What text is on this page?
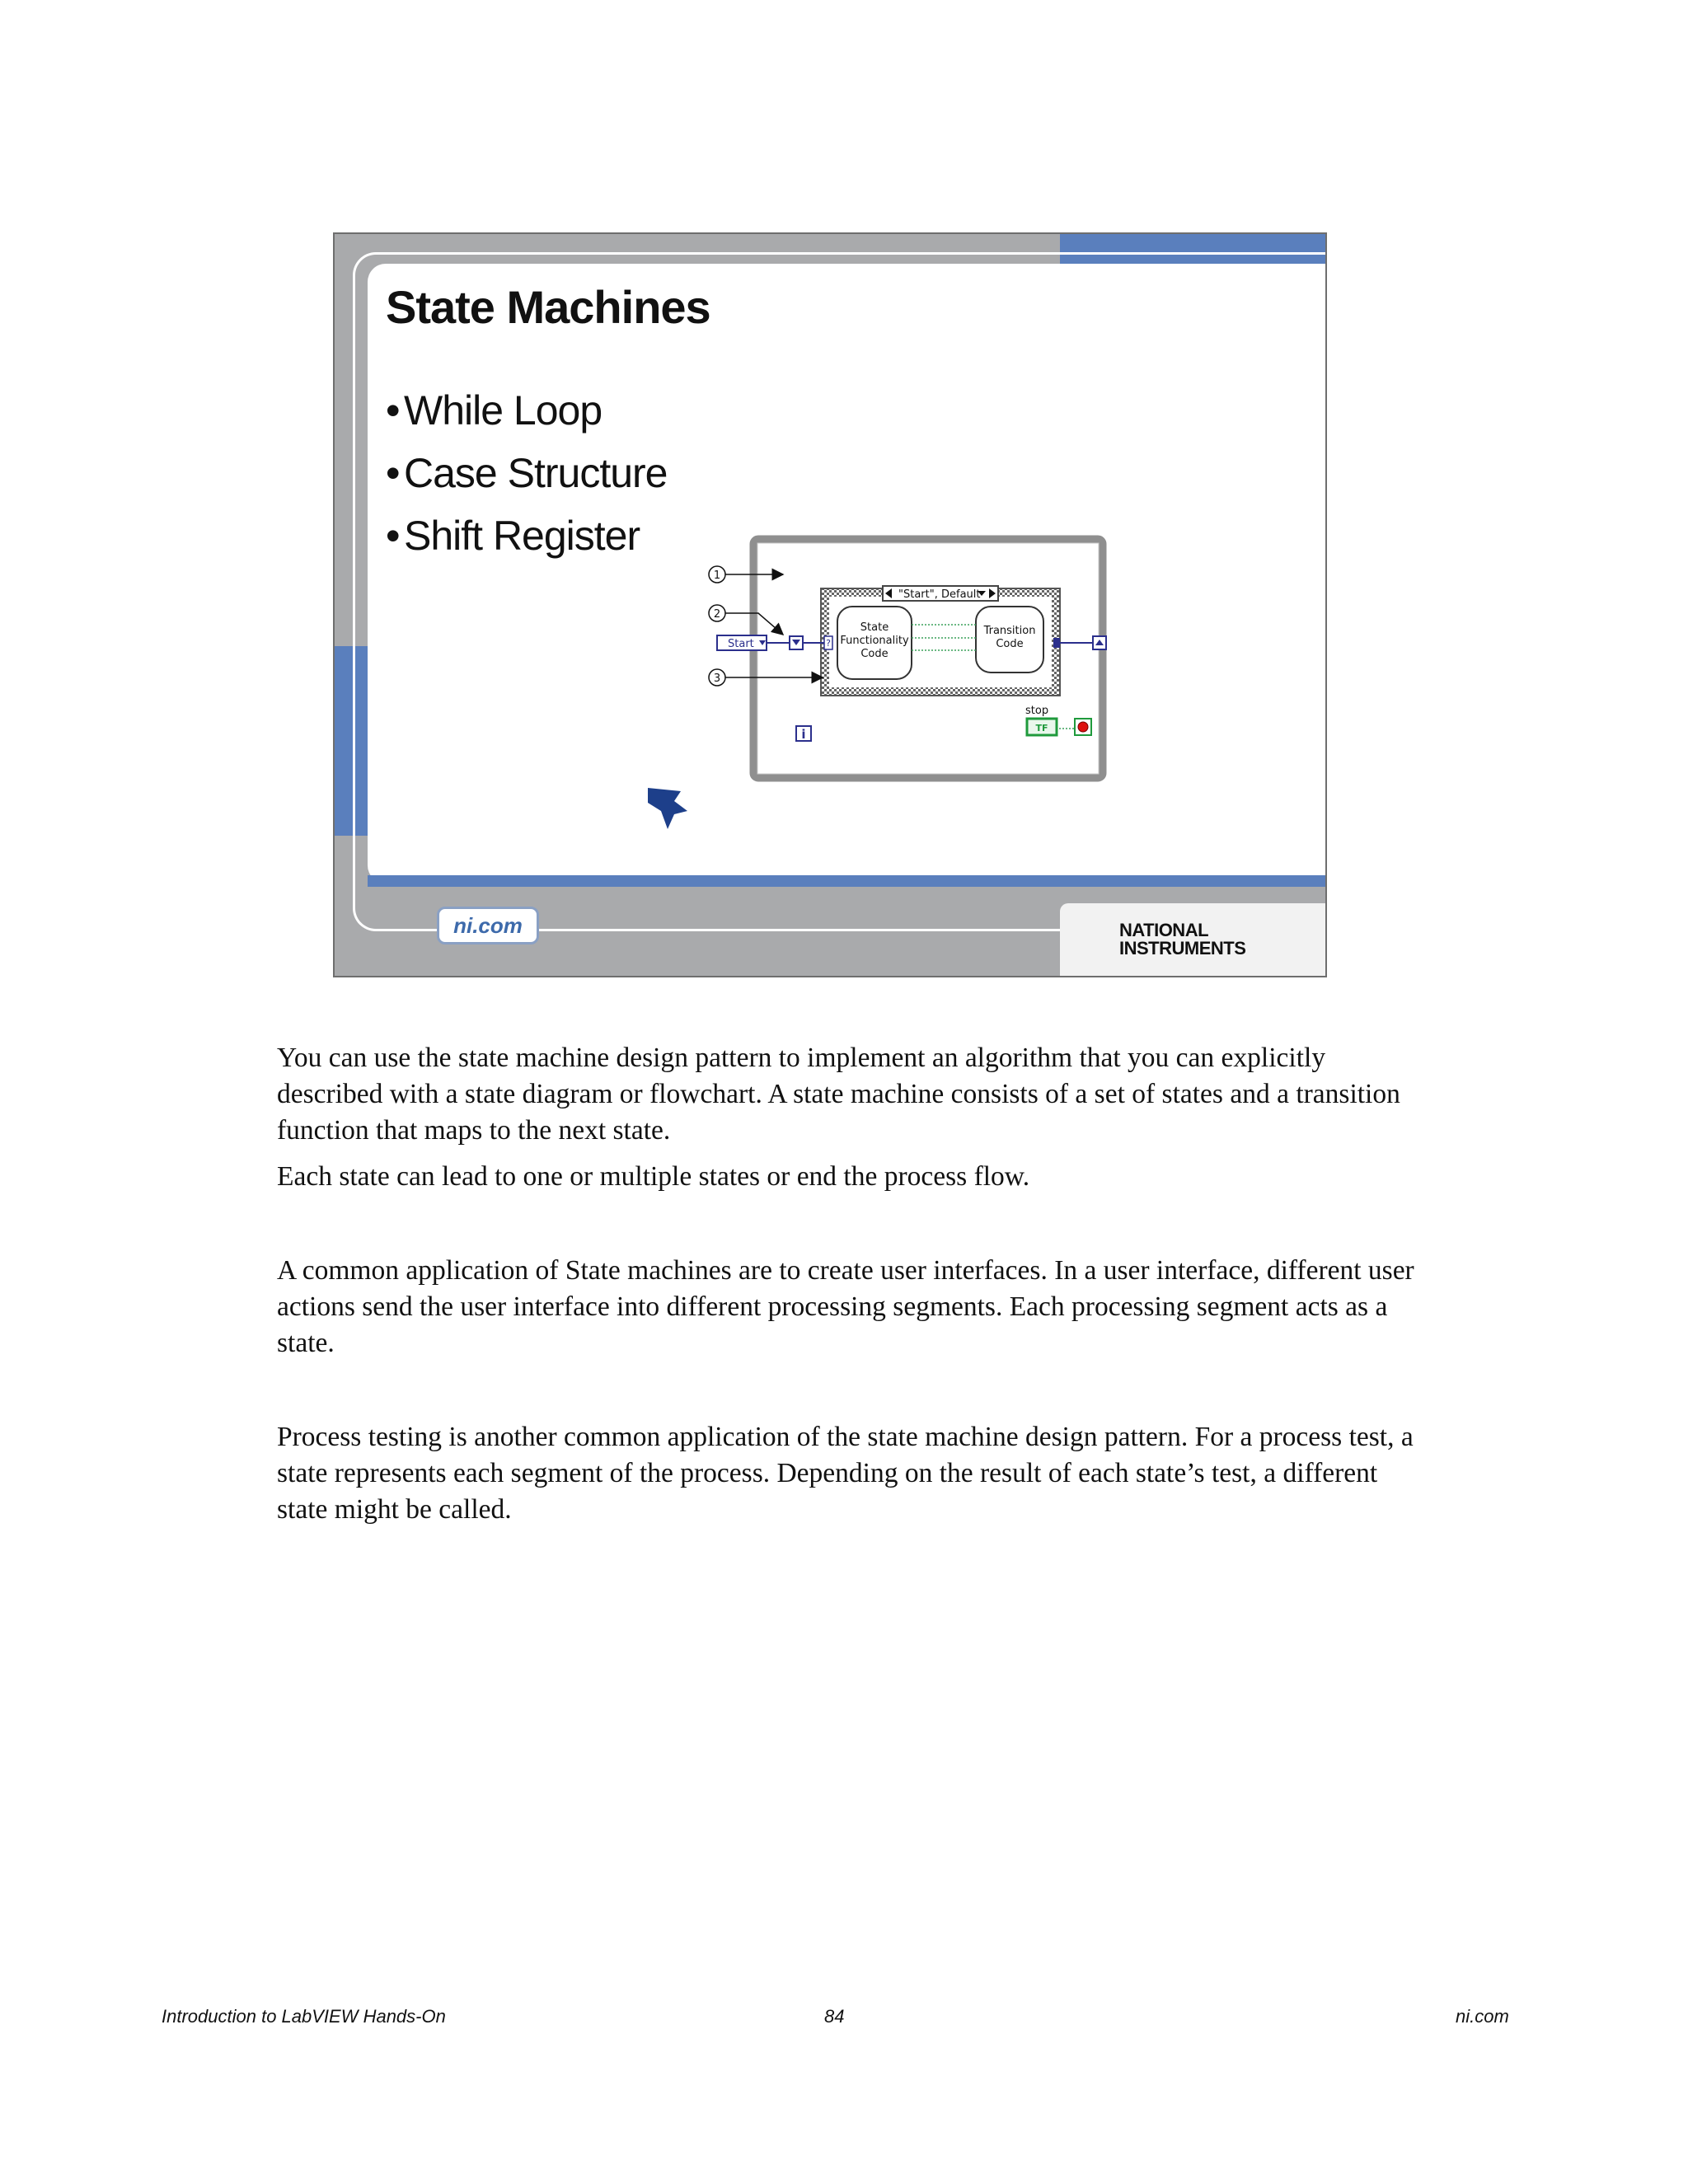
State Machines
• While Loop
• Case Structure
• Shift Register
1
2
3
Start
"Start", Default
?
State
Functionality
Code
Transition
Code
stop
TF
i
ni.com	NATIONAL
INSTRUMENTS

You can use the state machine design pattern to implement an algorithm that you can explicitly described with a state diagram or flowchart. A state machine consists of a set of states and a transition function that maps to the next state.

Each state can lead to one or multiple states or end the process flow.

A common application of State machines are to create user interfaces. In a user interface, different user actions send the user interface into different processing segments. Each processing segment acts as a state.

Process testing is another common application of the state machine design pattern. For a process test, a state represents each segment of the process. Depending on the result of each state’s test, a different state might be called.

Introduction to LabVIEW Hands-On	84	ni.com
